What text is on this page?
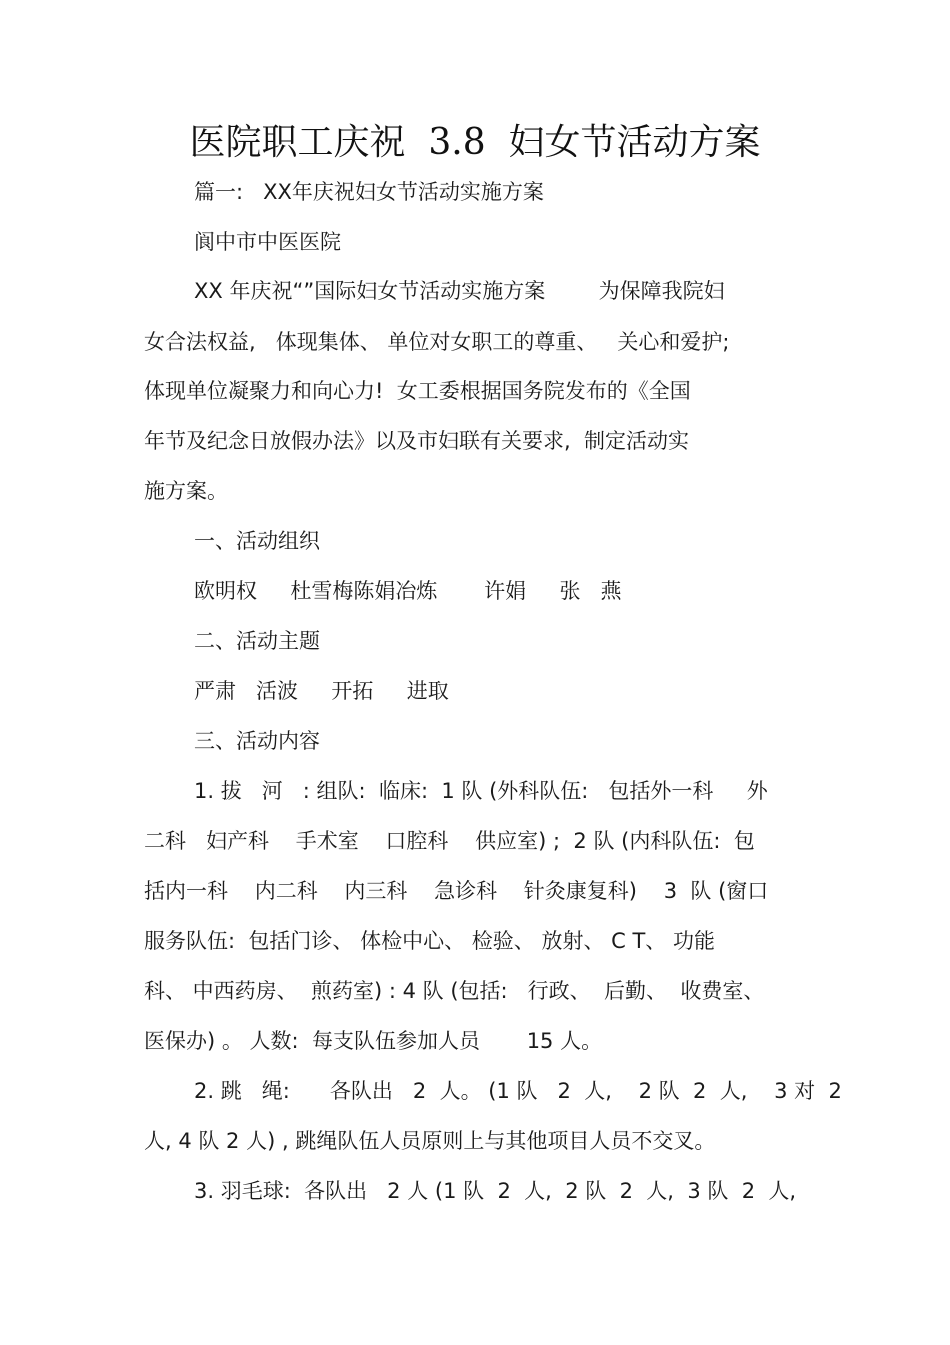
医院职工庆祝  3.8  妇女节活动方案
篇一:   XX年庆祝妇女节活动实施方案
阆中市中医医院
XX 年庆祝“”国际妇女节活动实施方案        为保障我院妇
女合法权益,   体现集体、 单位对女职工的尊重、   关心和爱护;
体现单位凝聚力和向心力!  女工委根据国务院发布的《全国
年节及纪念日放假办法》以及市妇联有关要求,  制定活动实
施方案。
一、活动组织
欧明权     杜雪梅陈娟冶炼       许娟     张   燕
二、活动主题
严肃   活波     开拓     进取
三、活动内容
1. 拔   河   : 组队:  临床:  1 队 (外科队伍:   包括外一科     外
二科   妇产科    手术室    口腔科    供应室) ;  2 队 (内科队伍:  包
括内一科    内二科    内三科    急诊科    针灸康复科)    3  队 (窗口
服务队伍:  包括门诊、 体检中心、 检验、 放射、 C T、 功能
科、 中西药房、  煎药室) : 4 队 (包括:   行政、  后勤、  收费室、
医保办) 。 人数:  每支队伍参加人员       15 人。
2. 跳   绳:      各队出   2  人。 (1 队   2  人,    2 队  2  人,    3 对  2
人, 4 队 2 人) , 跳绳队伍人员原则上与其他项目人员不交叉。
3. 羽毛球:  各队出   2 人 (1 队  2  人,  2 队  2  人,  3 队  2  人,
